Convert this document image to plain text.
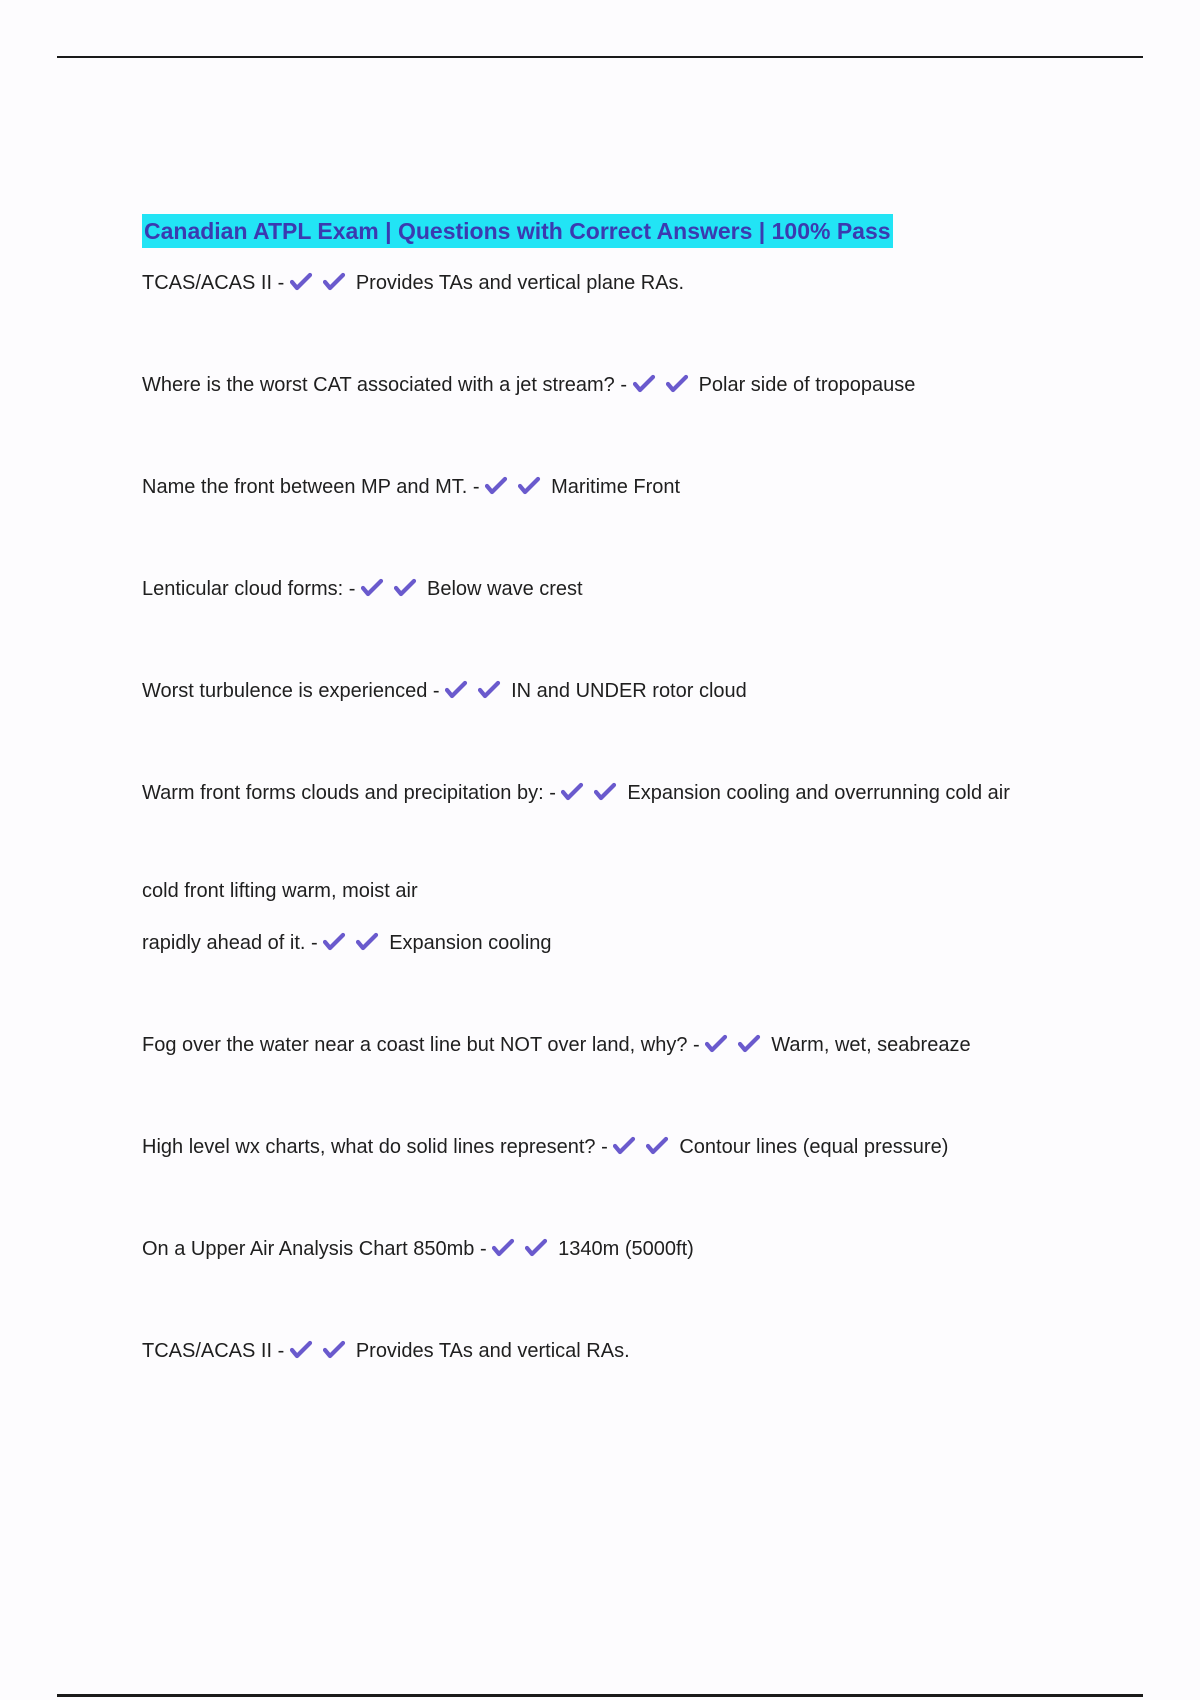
Canadian ATPL Exam | Questions with Correct Answers | 100% Pass

TCAS/ACAS II -	Provides TAs and vertical plane RAs.

Where is the worst CAT associated with a jet stream? -	Polar side of tropopause

Name the front between MP and MT. -	Maritime Front

Lenticular cloud forms: -	Below wave crest

Worst turbulence is experienced -	IN and UNDER rotor cloud

Warm front forms clouds and precipitation by: -	Expansion cooling and overrunning cold air

cold front lifting warm, moist air

rapidly ahead of it. -	Expansion cooling

Fog over the water near a coast line but NOT over land, why? -	Warm, wet, seabreaze

High level wx charts, what do solid lines represent? -	Contour lines (equal pressure)

On a Upper Air Analysis Chart 850mb -	1340m (5000ft)

TCAS/ACAS II -	Provides TAs and vertical RAs.
